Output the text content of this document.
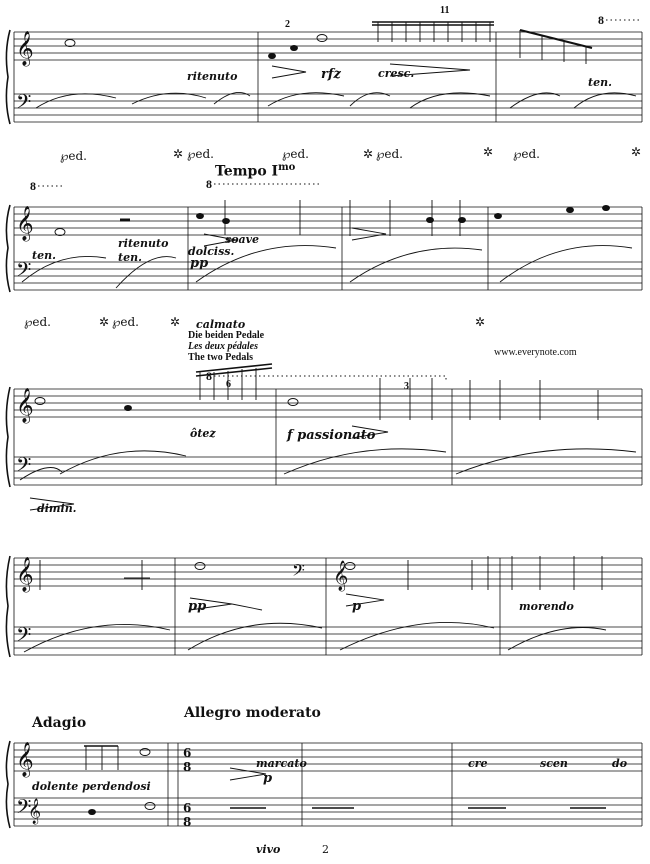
𝄞
𝄢
𝄞
𝄢
𝄞
𝄢
𝄞
𝄢
𝄞
𝄢
𝄢 𝄞
𝄞
6
8
6
8
ritenuto	rfz	cresc.
11
2	8
ten.
℘ed.	✲ ℘ed.	℘ed.	✲ ℘ed.	✲ ℘ed.	✲
Tempo $I^{mo}$
8	8
soave
ten.
ritenuto
ten.	dolciss.
pp
℘ed.	✲ ℘ed.	✲	✲
calmato
Die beiden Pedale
Les deux pédales
The two Pedals	www.everynote.com
8
6	3
f passionato
ôtez
dimin.
pp	p	morendo
Adagio
Allegro moderato
dolente perdendosi
marcato
p
cre	scen	do
vivo	2
